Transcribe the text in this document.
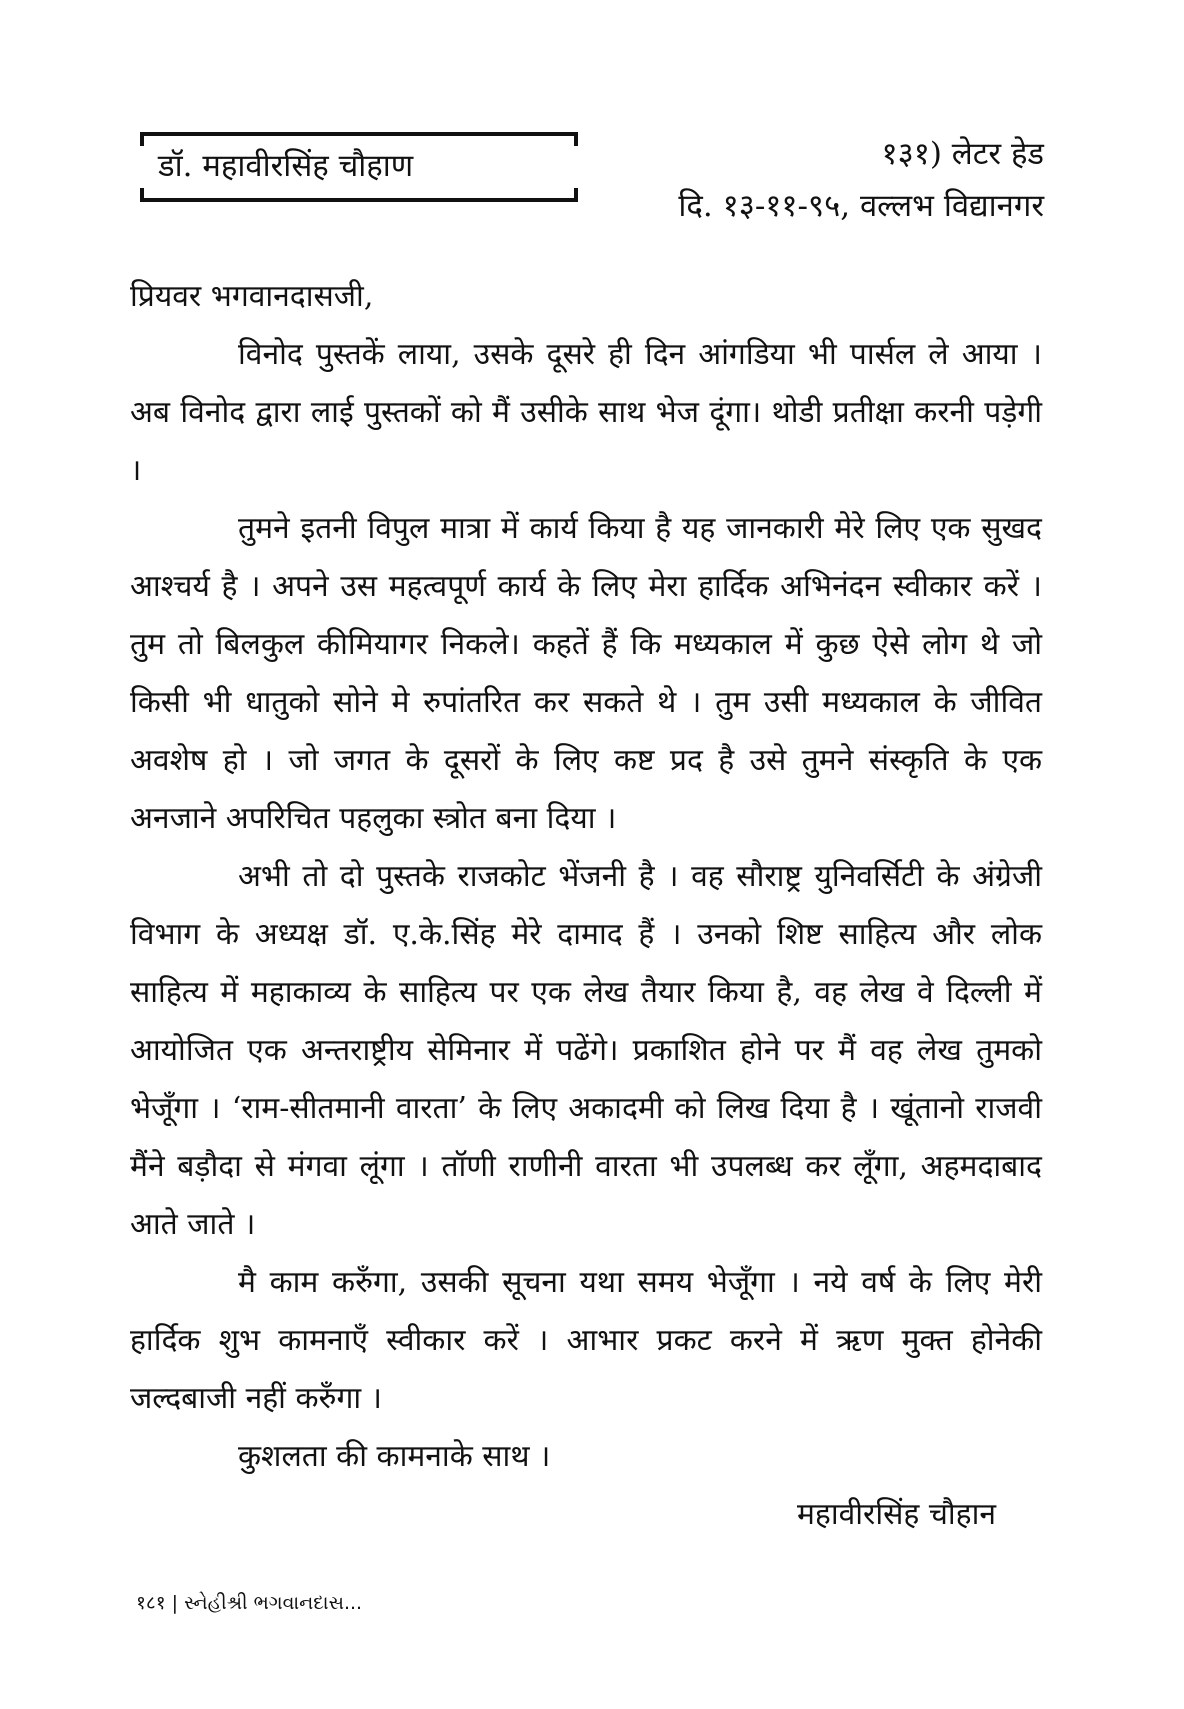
डॉ. महावीरसिंह चौहाण	१३१) लेटर हेड
दि. १३-११-९५, वल्लभ विद्यानगर

प्रियवर भगवानदासजी,

विनोद पुस्तकें लाया, उसके दूसरे ही दिन आंगडिया भी पार्सल ले आया । अब विनोद द्वारा लाई पुस्तकों को मैं उसीके साथ भेज दूंगा। थोडी प्रतीक्षा करनी पड़ेगी ।

तुमने इतनी विपुल मात्रा में कार्य किया है यह जानकारी मेरे लिए एक सुखद आश्चर्य है । अपने उस महत्वपूर्ण कार्य के लिए मेरा हार्दिक अभिनंदन स्वीकार करें । तुम तो बिलकुल कीमियागर निकले। कहतें हैं कि मध्यकाल में कुछ ऐसे लोग थे जो किसी भी धातुको सोने मे रुपांतरित कर सकते थे । तुम उसी मध्यकाल के जीवित अवशेष हो । जो जगत के दूसरों के लिए कष्ट प्रद है उसे तुमने संस्कृति के एक अनजाने अपरिचित पहलुका स्त्रोत बना दिया ।

अभी तो दो पुस्तके राजकोट भेंजनी है । वह सौराष्ट्र युनिवर्सिटी के अंग्रेजी विभाग के अध्यक्ष डॉ. ए.के.सिंह मेरे दामाद हैं । उनको शिष्ट साहित्य और लोक साहित्य में महाकाव्य के साहित्य पर एक लेख तैयार किया है, वह लेख वे दिल्ली में आयोजित एक अन्तराष्ट्रीय सेमिनार में पढेंगे। प्रकाशित होने पर मैं वह लेख तुमको भेजूँगा । ‘राम-सीतमानी वारता’ के लिए अकादमी को लिख दिया है । खूंतानो राजवी मैंने बड़ौदा से मंगवा लूंगा । तॉणी राणीनी वारता भी उपलब्ध कर लूँगा, अहमदाबाद आते जाते ।

मै काम करुँगा, उसकी सूचना यथा समय भेजूँगा । नये वर्ष के लिए मेरी हार्दिक शुभ कामनाएँ स्वीकार करें । आभार प्रकट करने में ऋण मुक्त होनेकी जल्दबाजी नहीं करुँगा ।

कुशलता की कामनाके साथ ।

महावीरसिंह चौहान

१८१ | સ્નેહીશ્રી ભગવાનદાસ...
